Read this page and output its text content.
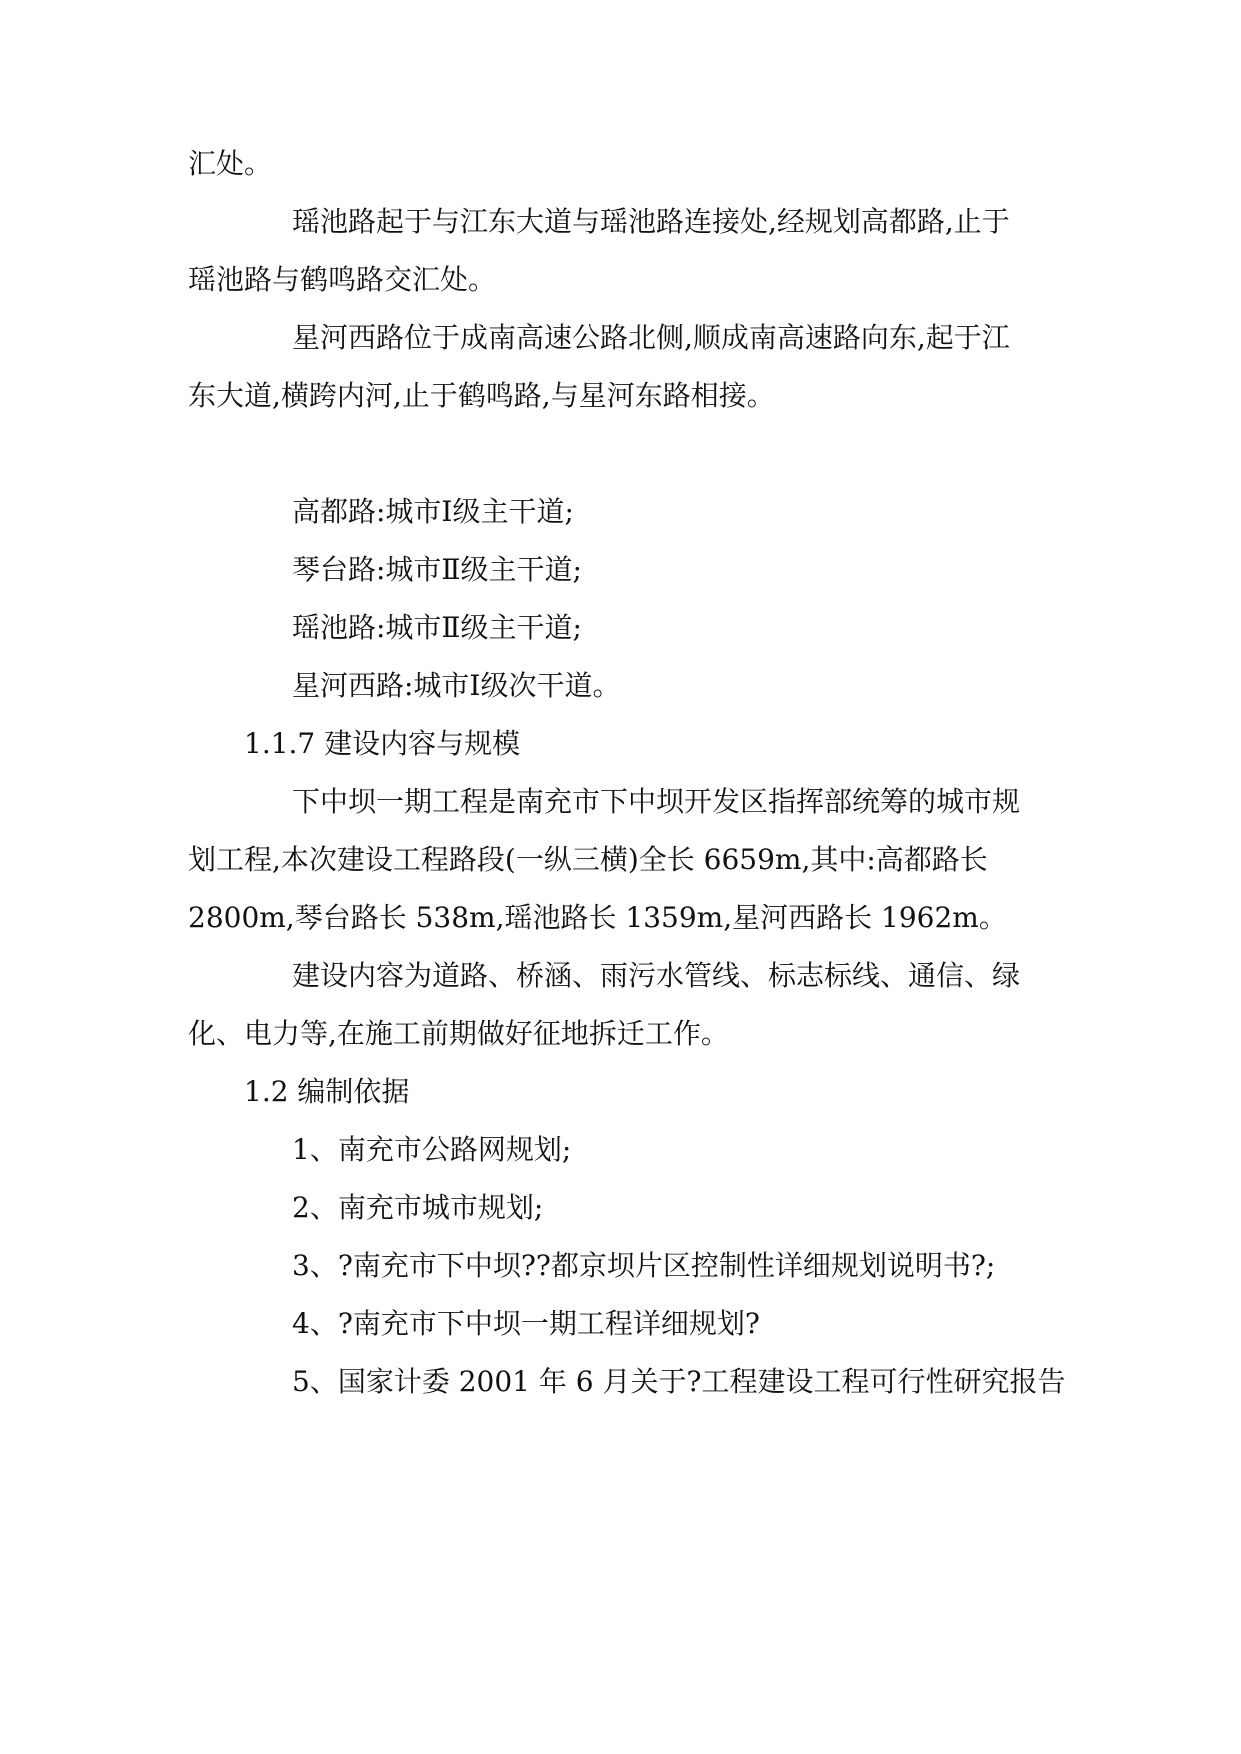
汇处。
瑶池路起于与江东大道与瑶池路连接处,经规划高都路,止于
瑶池路与鹤鸣路交汇处。
星河西路位于成南高速公路北侧,顺成南高速路向东,起于江
东大道,横跨内河,止于鹤鸣路,与星河东路相接。
高都路:城市Ⅰ级主干道;
琴台路:城市Ⅱ级主干道;
瑶池路:城市Ⅱ级主干道;
星河西路:城市Ⅰ级次干道。
1.1.7 建设内容与规模
下中坝一期工程是南充市下中坝开发区指挥部统筹的城市规
划工程,本次建设工程路段(一纵三横)全长 6659m,其中:高都路长
2800m,琴台路长 538m,瑶池路长 1359m,星河西路长 1962m。
建设内容为道路、桥涵、雨污水管线、标志标线、通信、绿
化、电力等,在施工前期做好征地拆迁工作。
1.2 编制依据
1、南充市公路网规划;
2、南充市城市规划;
3、?南充市下中坝??都京坝片区控制性详细规划说明书?;
4、?南充市下中坝一期工程详细规划?
5、国家计委 2001 年 6 月关于?工程建设工程可行性研究报告
